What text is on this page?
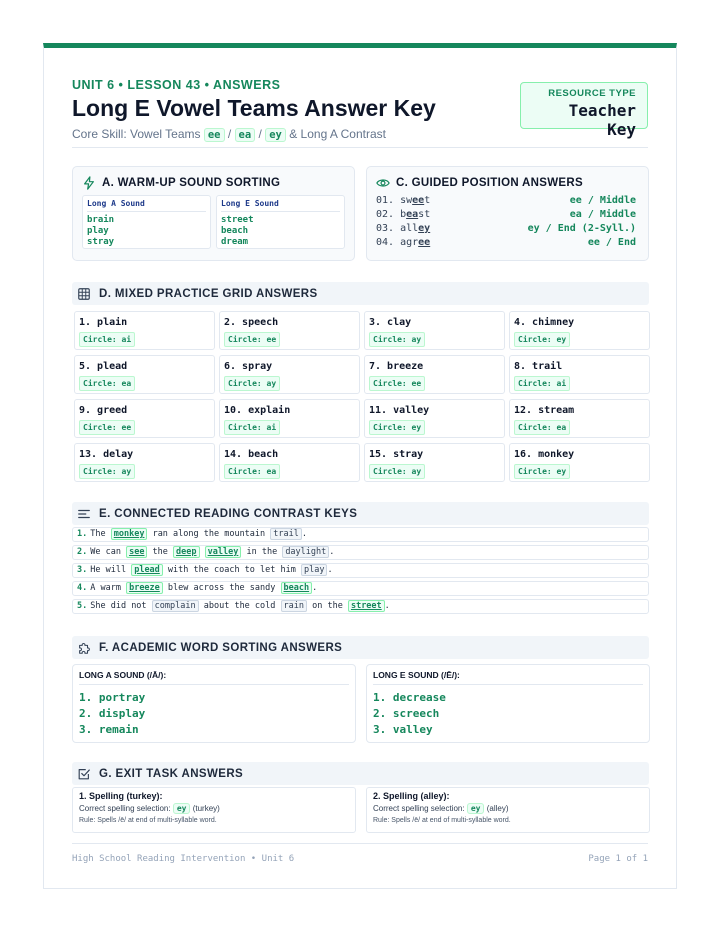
UNIT 6 • LESSON 43 • ANSWERS
Long E Vowel Teams Answer Key
Core Skill: Vowel Teams ee / ea / ey & Long A Contrast
RESOURCE TYPE
Teacher Key
A. WARM-UP SOUND SORTING
Long A Sound
brain
play
stray
Long E Sound
street
beach
dream
C. GUIDED POSITION ANSWERS
01. sweet	ee / Middle
02. beast	ea / Middle
03. alley	ey / End (2-Syll.)
04. agree	ee / End
D. MIXED PRACTICE GRID ANSWERS
1. plain
Circle: ai
2. speech
Circle: ee
3. clay
Circle: ay
4. chimney
Circle: ey
5. plead
Circle: ea
6. spray
Circle: ay
7. breeze
Circle: ee
8. trail
Circle: ai
9. greed
Circle: ee
10. explain
Circle: ai
11. valley
Circle: ey
12. stream
Circle: ea
13. delay
Circle: ay
14. beach
Circle: ea
15. stray
Circle: ay
16. monkey
Circle: ey
E. CONNECTED READING CONTRAST KEYS
1. The monkey ran along the mountain trail .
2. We can see the deep valley in the daylight .
3. He will plead with the coach to let him play .
4. A warm breeze blew across the sandy beach .
5. She did not complain about the cold rain on the street .
F. ACADEMIC WORD SORTING ANSWERS
LONG A SOUND (/Ā/):
1. portray
2. display
3. remain
LONG E SOUND (/Ē/):
1. decrease
2. screech
3. valley
G. EXIT TASK ANSWERS
1. Spelling (turkey):
Correct spelling selection: ey (turkey)
Rule: Spells /ē/ at end of multi-syllable word.
2. Spelling (alley):
Correct spelling selection: ey (alley)
Rule: Spells /ē/ at end of multi-syllable word.
High School Reading Intervention • Unit 6	Page 1 of 1
